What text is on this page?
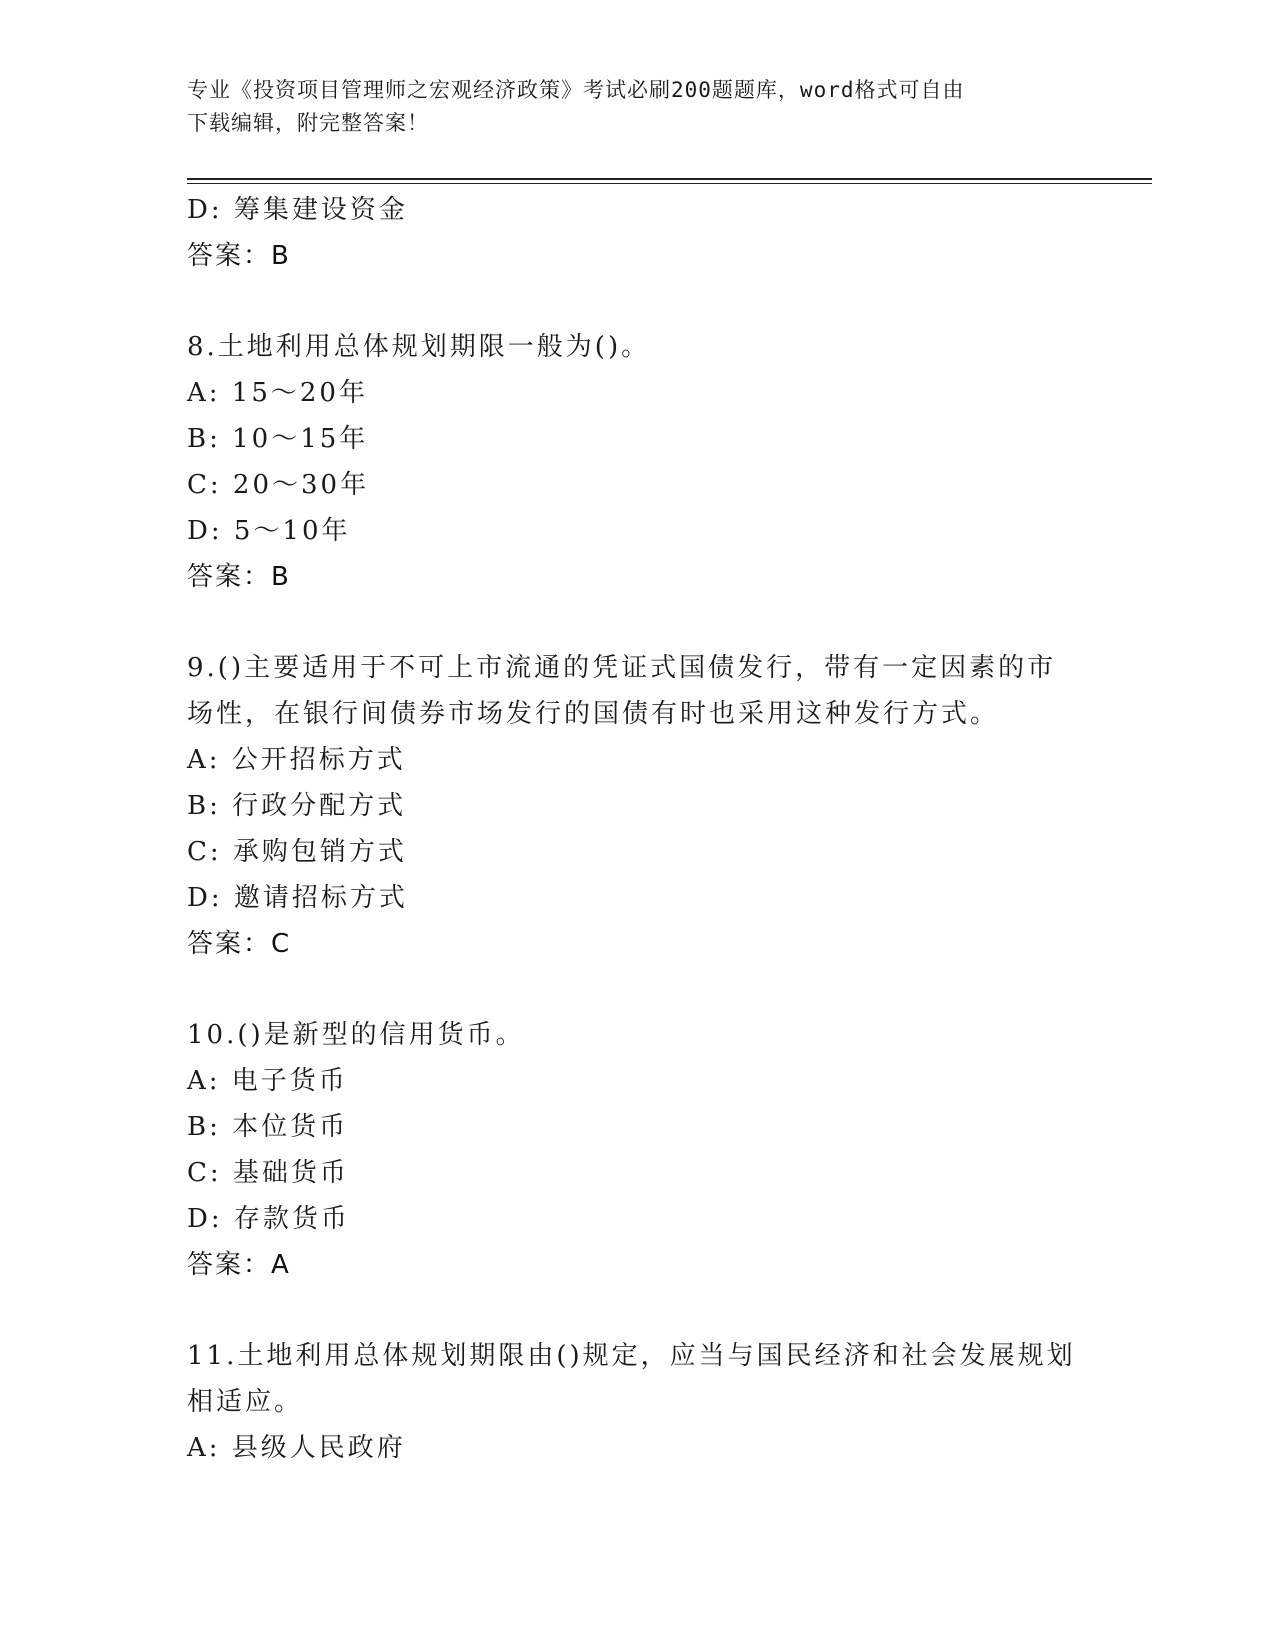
专业《投资项目管理师之宏观经济政策》考试必刷200题题库，word格式可自由
下载编辑，附完整答案！
D: 筹集建设资金
答案：B
8.土地利用总体规划期限一般为()。
A: 15～20年
B: 10～15年
C: 20～30年
D: 5～10年
答案：B
9.()主要适用于不可上市流通的凭证式国债发行，带有一定因素的市
场性，在银行间债券市场发行的国债有时也采用这种发行方式。
A: 公开招标方式
B: 行政分配方式
C: 承购包销方式
D: 邀请招标方式
答案：C
10.()是新型的信用货币。
A: 电子货币
B: 本位货币
C: 基础货币
D: 存款货币
答案：A
11.土地利用总体规划期限由()规定，应当与国民经济和社会发展规划
相适应。
A: 县级人民政府
